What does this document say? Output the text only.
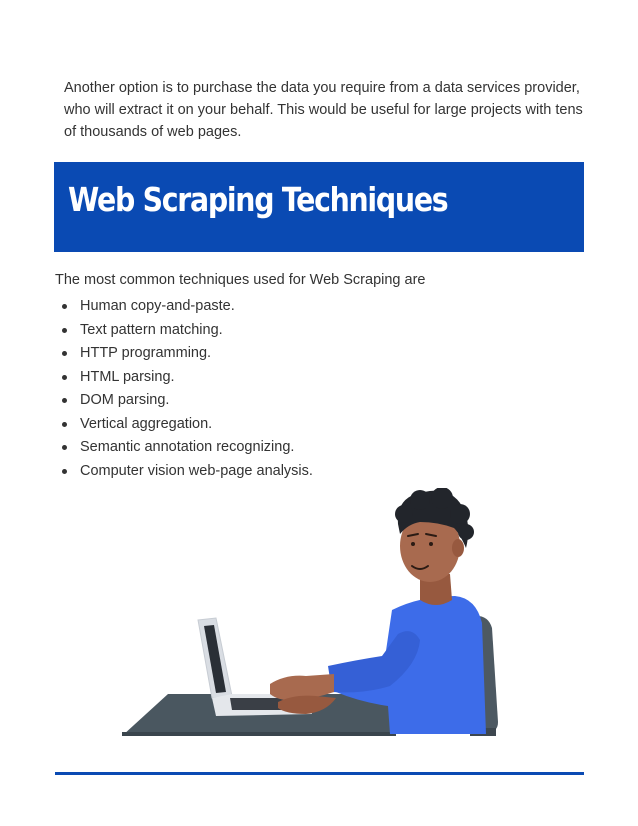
Another option is to purchase the data you require from a data services provider, who will extract it on your behalf. This would be useful for large projects with tens of thousands of web pages.

Web Scraping Techniques
The most common techniques used for Web Scraping are
Human copy-and-paste.
Text pattern matching.
HTTP programming.
HTML parsing.
DOM parsing.
Vertical aggregation.
Semantic annotation recognizing.
Computer vision web-page analysis.
